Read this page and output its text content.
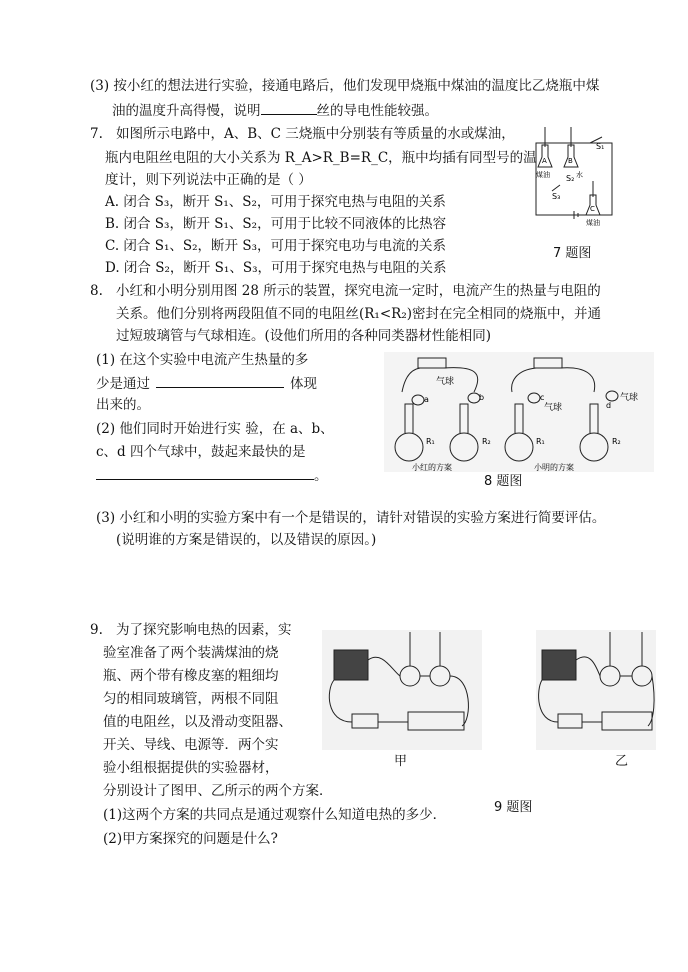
(3) 按小红的想法进行实验，接通电路后，他们发现甲烧瓶中煤油的温度比乙烧瓶中煤
油的温度升高得慢，说明	丝的导电性能较强。
7. 如图所示电路中，A、B、C 三烧瓶中分别装有等质量的水或煤油，
瓶内电阻丝电阻的大小关系为 R_A>R_B=R_C，瓶中均插有同型号的温
度计，则下列说法中正确的是（ ）
A. 闭合 S₃，断开 S₁、S₂，可用于探究电热与电阻的关系
B. 闭合 S₃，断开 S₁、S₂，可用于比较不同液体的比热容
C. 闭合 S₁、S₂，断开 S₃，可用于探究电功与电流的关系
D. 闭合 S₂，断开 S₁、S₃，可用于探究电热与电阻的关系
S₁
S₂
S₃
煤油	水
煤油
A	B
C
7 题图
8. 小红和小明分别用图 28 所示的装置，探究电流一定时，电流产生的热量与电阻的
关系。他们分别将两段阻值不同的电阻丝(R₁<R₂)密封在完全相同的烧瓶中，并通
过短玻璃管与气球相连。(设他们所用的各种同类器材性能相同)
(1) 在这个实验中电流产生热量的多
少是通过	体现
出来的。
(2) 他们同时开始进行实 验，在 a、b、
c、d 四个气球中，鼓起来最快的是
。
气球
气球
气球
a	b	c
d
R₁	R₂	R₁	R₂
小红的方案	小明的方案
8 题图
(3) 小红和小明的实验方案中有一个是错误的，请针对错误的实验方案进行简要评估。
(说明谁的方案是错误的，以及错误的原因。)
9. 为了探究影响电热的因素，实
验室准备了两个装满煤油的烧
瓶、两个带有橡皮塞的粗细均
匀的相同玻璃管，两根不同阻
值的电阻丝，以及滑动变阻器、
开关、导线、电源等．两个实
验小组根据提供的实验器材，
分别设计了图甲、乙所示的两个方案．
(1)这两个方案的共同点是通过观察什么知道电热的多少．
(2)甲方案探究的问题是什么?
甲	乙
9 题图
